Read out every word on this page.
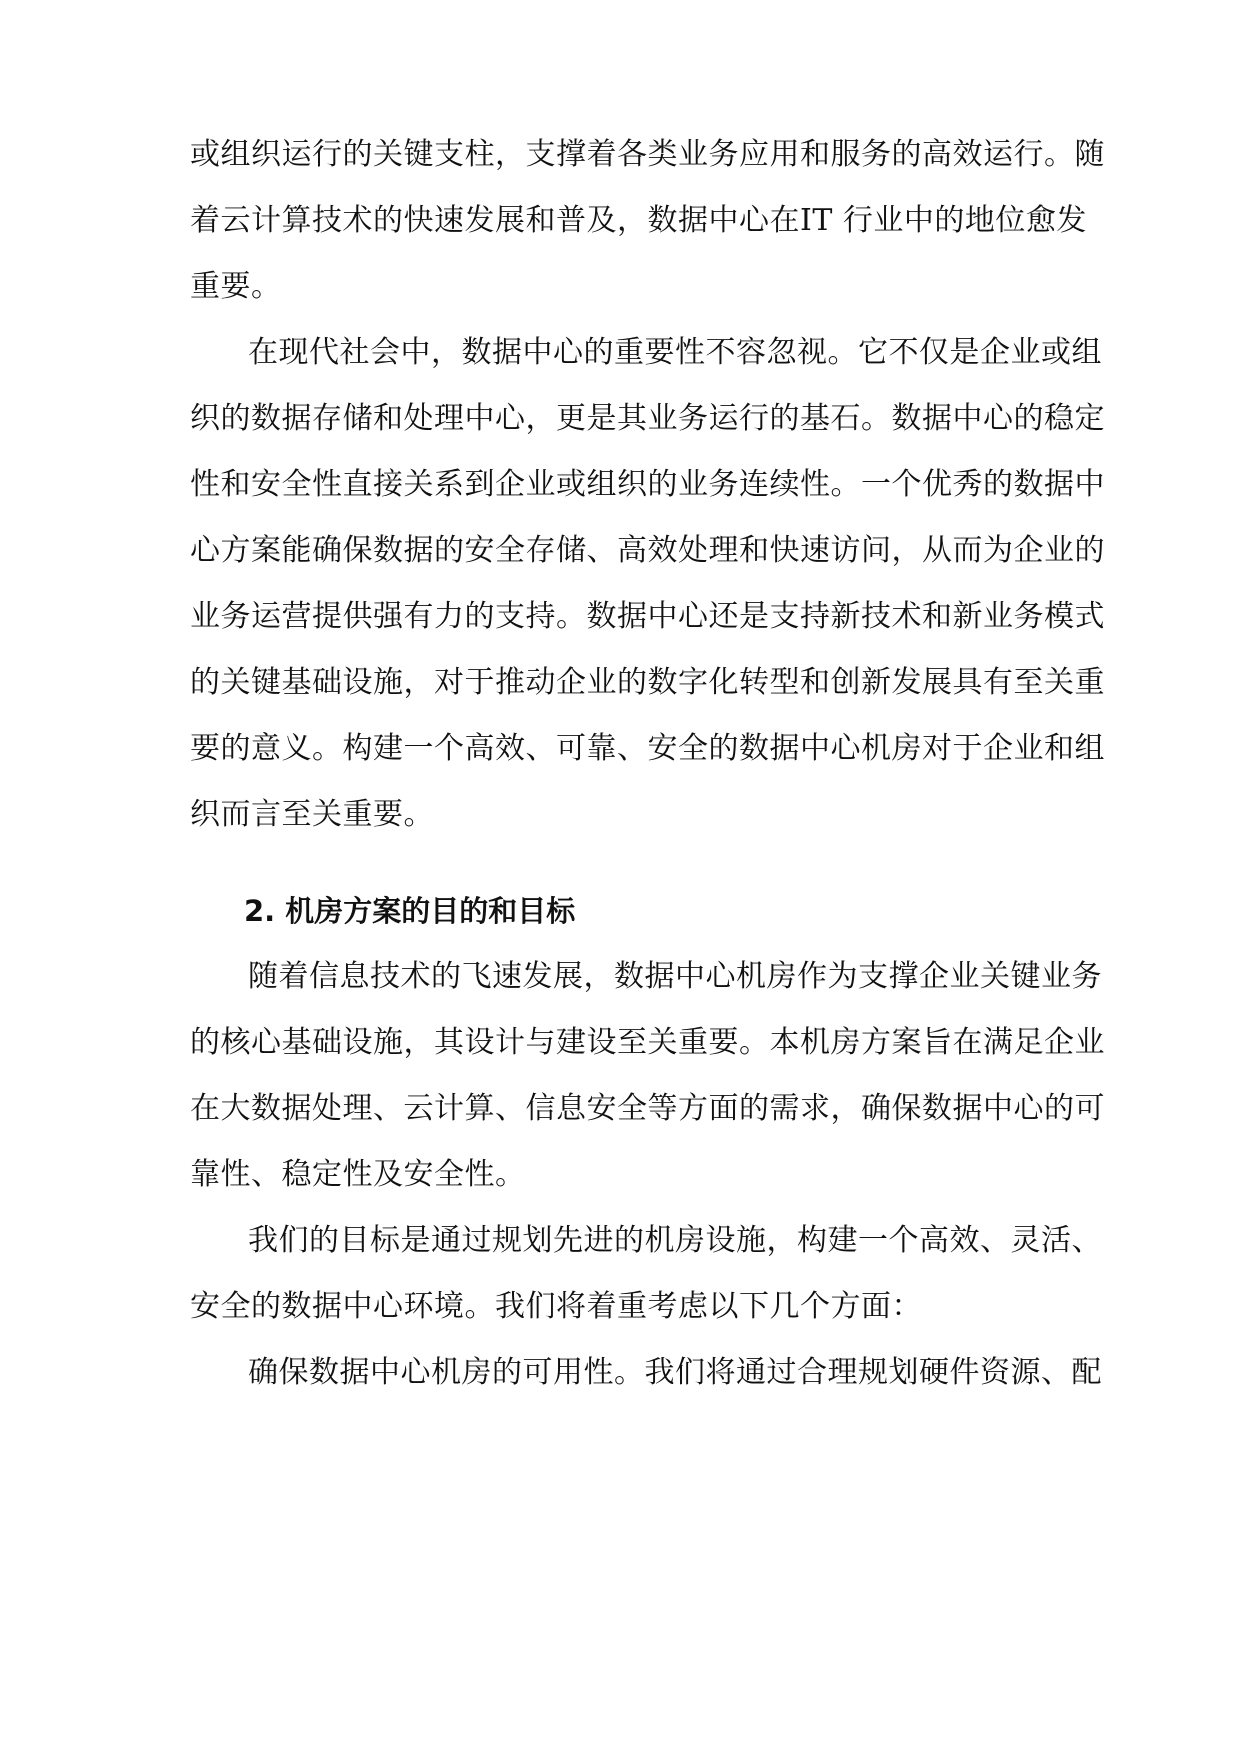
或组织运行的关键支柱，支撑着各类业务应用和服务的高效运行。随
着云计算技术的快速发展和普及，数据中心在IT 行业中的地位愈发
重要。
在现代社会中，数据中心的重要性不容忽视。它不仅是企业或组
织的数据存储和处理中心，更是其业务运行的基石。数据中心的稳定
性和安全性直接关系到企业或组织的业务连续性。一个优秀的数据中
心方案能确保数据的安全存储、高效处理和快速访问，从而为企业的
业务运营提供强有力的支持。数据中心还是支持新技术和新业务模式
的关键基础设施，对于推动企业的数字化转型和创新发展具有至关重
要的意义。构建一个高效、可靠、安全的数据中心机房对于企业和组
织而言至关重要。
2. 机房方案的目的和目标
随着信息技术的飞速发展，数据中心机房作为支撑企业关键业务
的核心基础设施，其设计与建设至关重要。本机房方案旨在满足企业
在大数据处理、云计算、信息安全等方面的需求，确保数据中心的可
靠性、稳定性及安全性。
我们的目标是通过规划先进的机房设施，构建一个高效、灵活、
安全的数据中心环境。我们将着重考虑以下几个方面：
确保数据中心机房的可用性。我们将通过合理规划硬件资源、配
